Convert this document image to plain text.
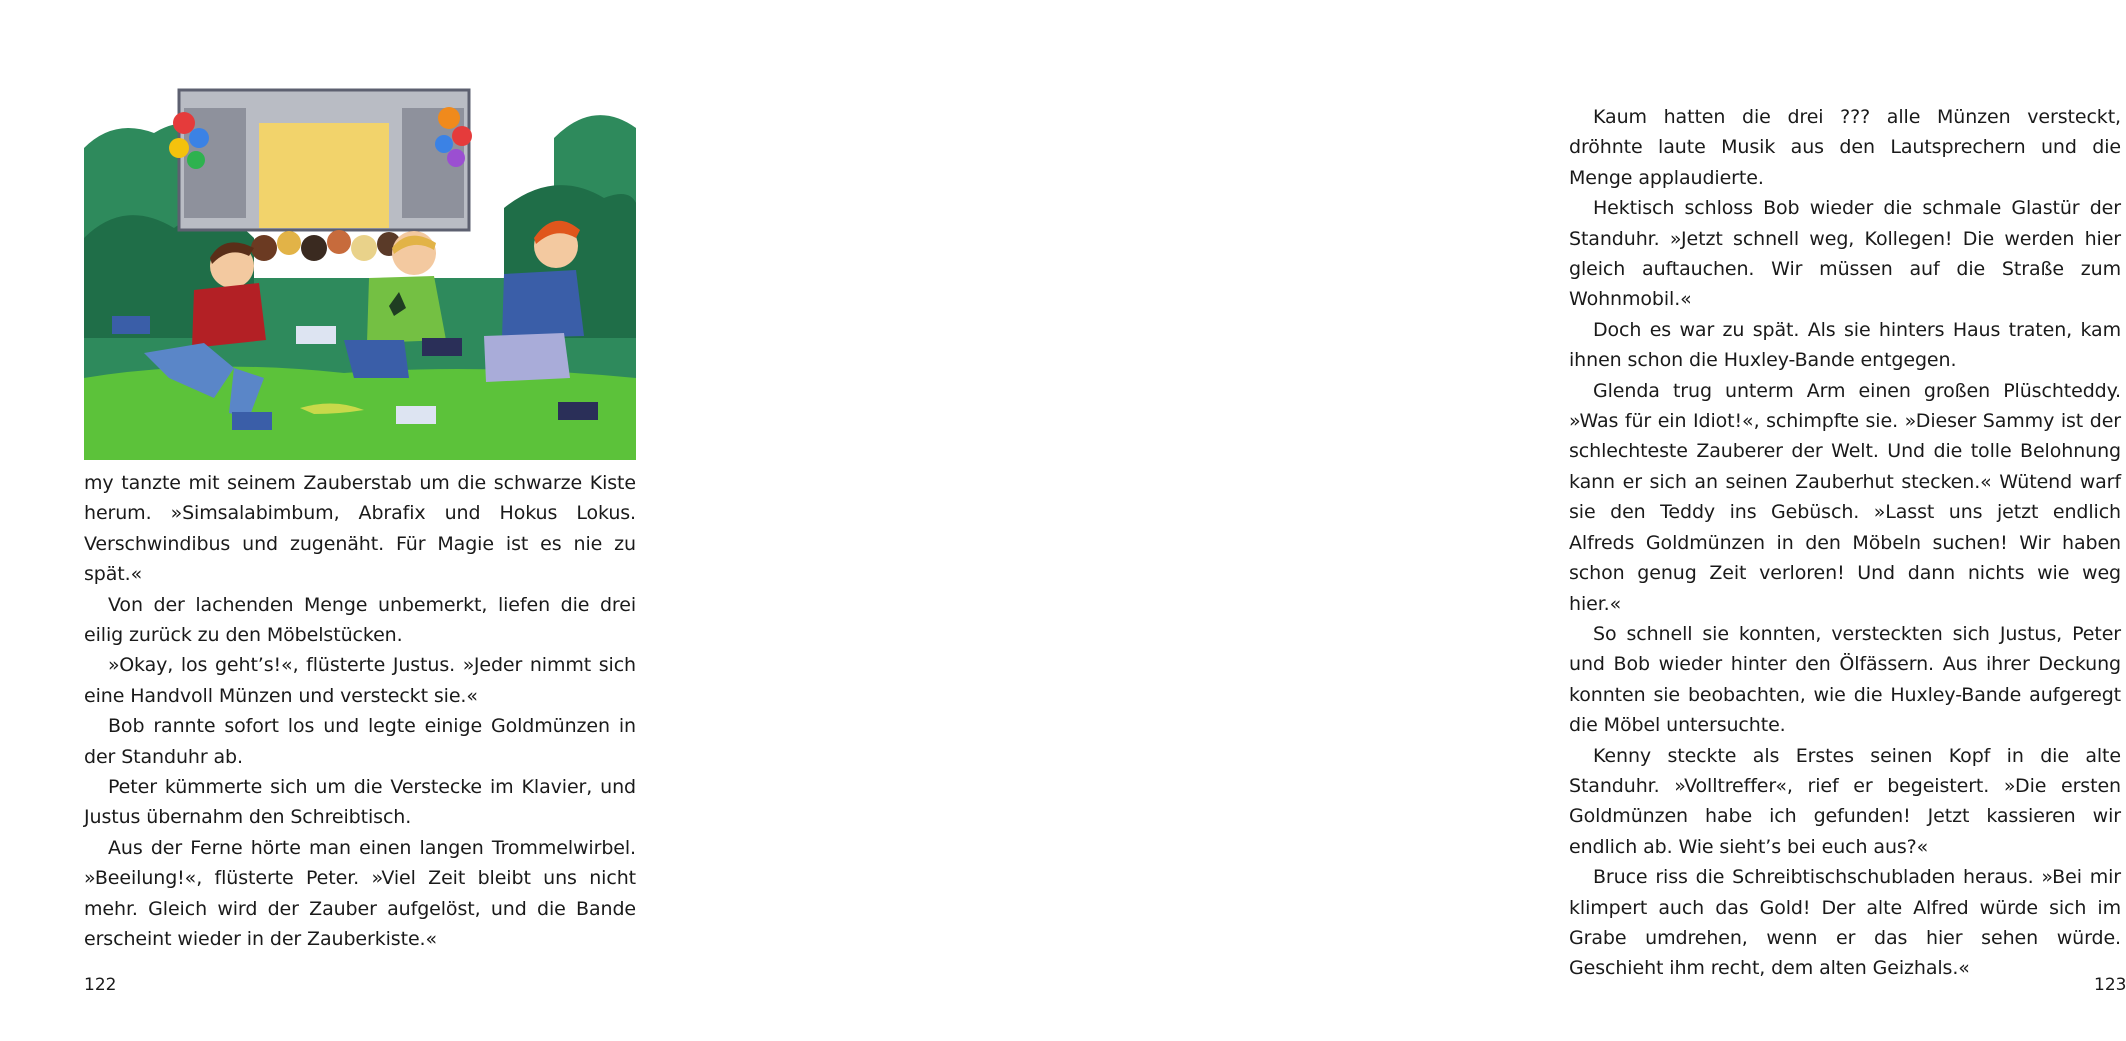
my tanzte mit seinem Zauberstab um die schwarze Kiste herum. »Simsalabimbum, Abrafix und Hokus Lokus. Verschwindibus und zugenäht. Für Magie ist es nie zu spät.«

Von der lachenden Menge unbemerkt, liefen die drei eilig zurück zu den Möbelstücken.

»Okay, los geht’s!«, flüsterte Justus. »Jeder nimmt sich eine Handvoll Münzen und versteckt sie.«

Bob rannte sofort los und legte einige Goldmünzen in der Standuhr ab.

Peter kümmerte sich um die Verstecke im Klavier, und Justus übernahm den Schreibtisch.

Aus der Ferne hörte man einen langen Trommelwirbel. »Beeilung!«, flüsterte Peter. »Viel Zeit bleibt uns nicht mehr. Gleich wird der Zauber aufgelöst, und die Bande erscheint wieder in der Zauberkiste.«

122

Kaum hatten die drei ??? alle Münzen versteckt, dröhnte laute Musik aus den Lautsprechern und die Menge applaudierte.

Hektisch schloss Bob wieder die schmale Glastür der Standuhr. »Jetzt schnell weg, Kollegen! Die werden hier gleich auftauchen. Wir müssen auf die Straße zum Wohnmobil.«

Doch es war zu spät. Als sie hinters Haus traten, kam ihnen schon die Huxley-Bande entgegen.

Glenda trug unterm Arm einen großen Plüschteddy. »Was für ein Idiot!«, schimpfte sie. »Dieser Sammy ist der schlechteste Zauberer der Welt. Und die tolle Belohnung kann er sich an seinen Zauberhut stecken.« Wütend warf sie den Teddy ins Gebüsch. »Lasst uns jetzt endlich Alfreds Goldmünzen in den Möbeln suchen! Wir haben schon genug Zeit verloren! Und dann nichts wie weg hier.«

So schnell sie konnten, versteckten sich Justus, Peter und Bob wieder hinter den Ölfässern. Aus ihrer Deckung konnten sie beobachten, wie die Huxley-Bande aufgeregt die Möbel untersuchte.

Kenny steckte als Erstes seinen Kopf in die alte Standuhr. »Volltreffer«, rief er begeistert. »Die ersten Goldmünzen habe ich gefunden! Jetzt kassieren wir endlich ab. Wie sieht’s bei euch aus?«

Bruce riss die Schreibtischschubladen heraus. »Bei mir klimpert auch das Gold! Der alte Alfred würde sich im Grabe umdrehen, wenn er das hier sehen würde. Geschieht ihm recht, dem alten Geizhals.«

123
